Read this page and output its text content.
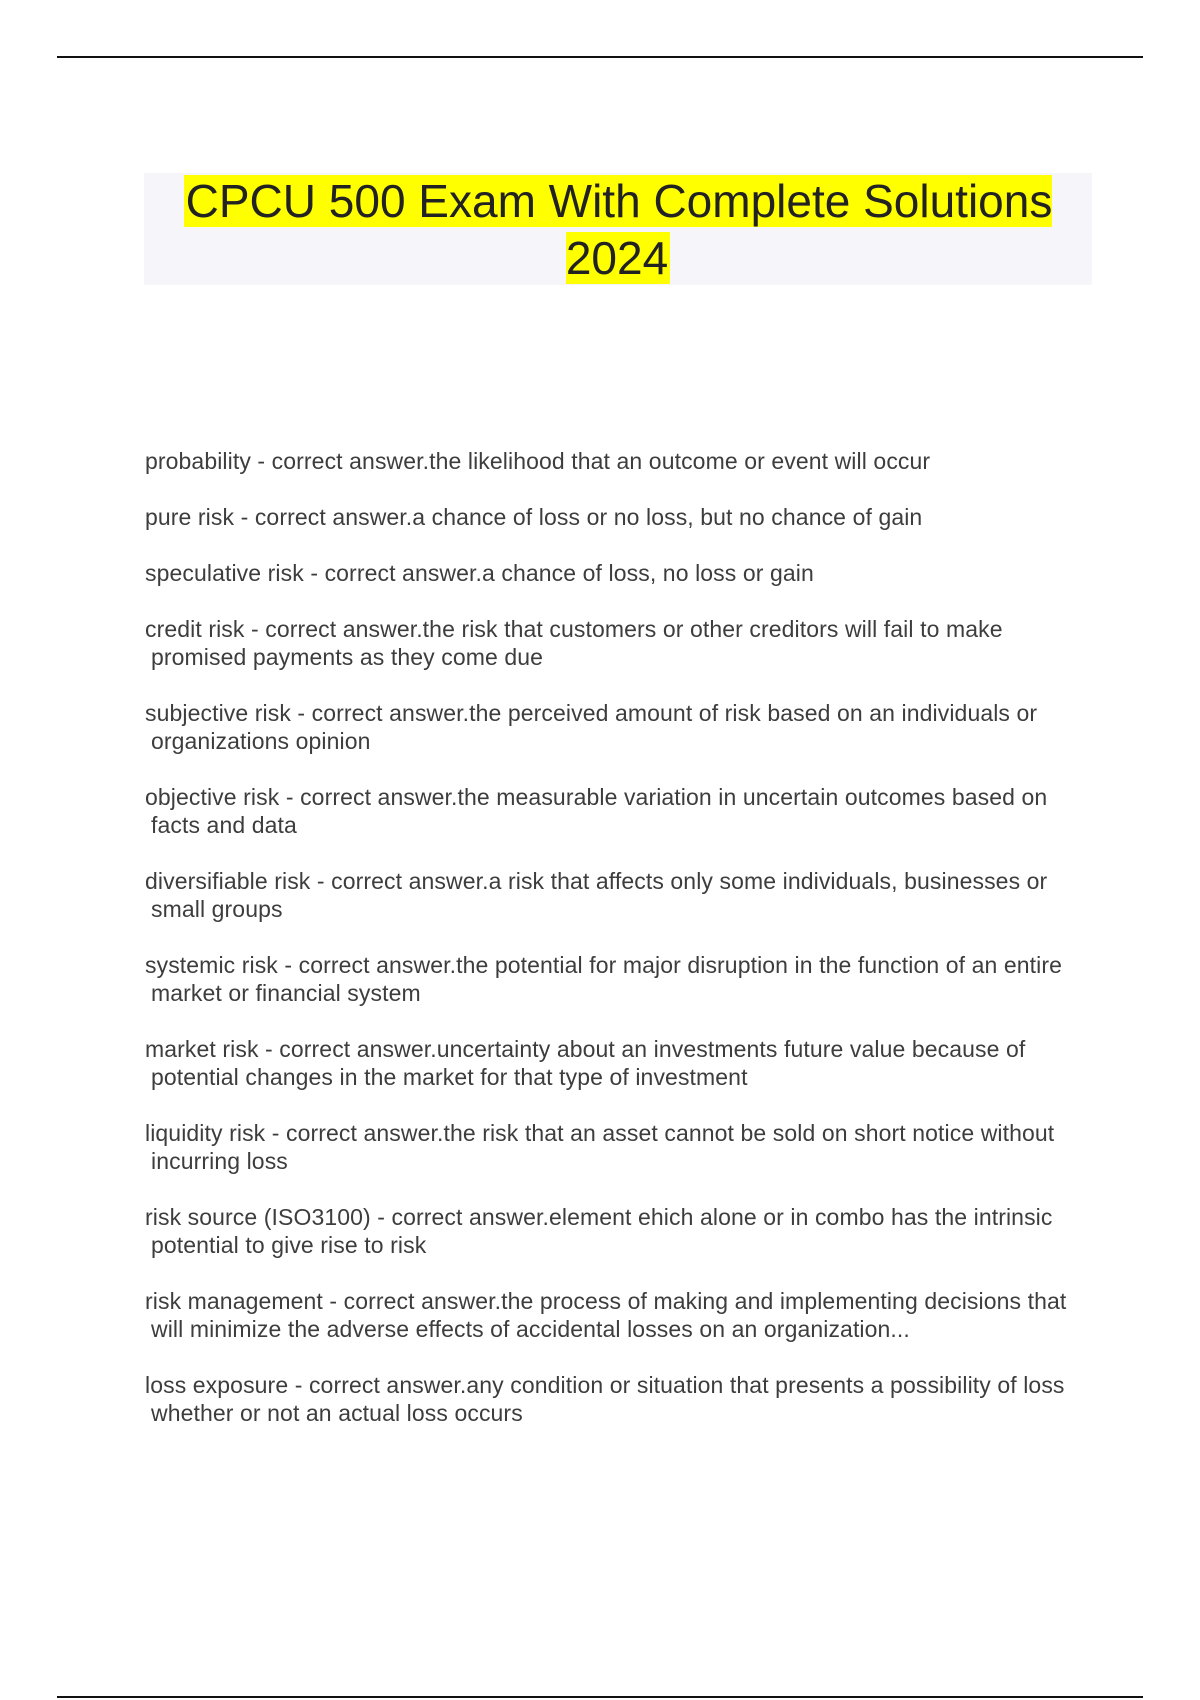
CPCU 500 Exam With Complete Solutions 2024
probability - correct answer.the likelihood that an outcome or event will occur
pure risk - correct answer.a chance of loss or no loss, but no chance of gain
speculative risk - correct answer.a chance of loss, no loss or gain
credit risk - correct answer.the risk that customers or other creditors will fail to make promised payments as they come due
subjective risk - correct answer.the perceived amount of risk based on an individuals or organizations opinion
objective risk - correct answer.the measurable variation in uncertain outcomes based on facts and data
diversifiable risk - correct answer.a risk that affects only some individuals, businesses or small groups
systemic risk - correct answer.the potential for major disruption in the function of an entire market or financial system
market risk - correct answer.uncertainty about an investments future value because of potential changes in the market for that type of investment
liquidity risk - correct answer.the risk that an asset cannot be sold on short notice without incurring loss
risk source (ISO3100) - correct answer.element ehich alone or in combo has the intrinsic potential to give rise to risk
risk management - correct answer.the process of making and implementing decisions that will minimize the adverse effects of accidental losses on an organization...
loss exposure - correct answer.any condition or situation that presents a possibility of loss whether or not an actual loss occurs
